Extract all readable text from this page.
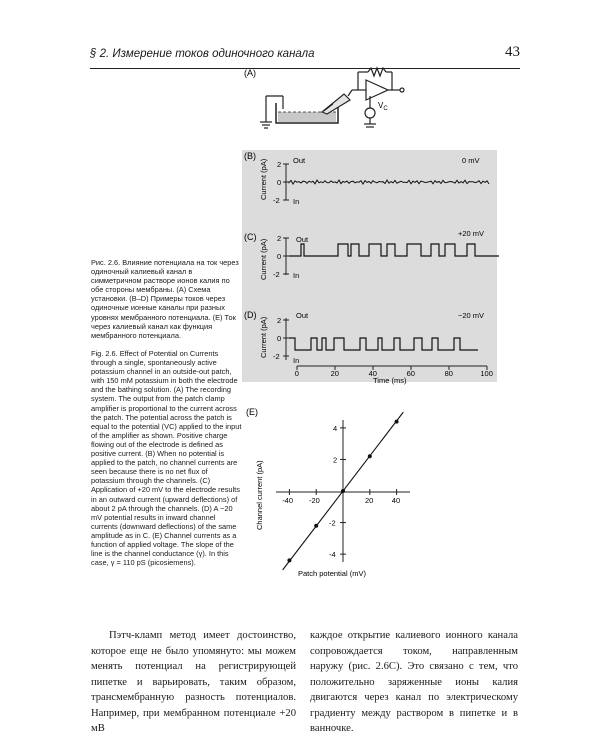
§ 2. Измерение токов одиночного канала	43
(A)
$V_C$
(B)
(C)
(D)
(E)
Current (pA)
Current (pA)
Current (pA)
2
0
-2
Out
In
0 mV
2
0
-2
Out
In
+20 mV
2
0
-2
Out
In
−20 mV
0	20	40	60	80	100
Time (ms)
-40 -20	20 40
4
2
-2
-4
Patch potential (mV)
Channel current (pA)
Рис. 2.6. Влияние потенциала на ток через одиночный калиевый канал в симметричном растворе ионов калия по обе стороны мембраны. (A) Схема установки. (B–D) Примеры токов через одиночные ионные каналы при разных уровнях мембранного потенциала. (E) Ток через калиевый канал как функция мембранного потенциала.
Fig. 2.6. Effect of Potential on Currents through a single, spontaneously active potassium channel in an outside-out patch, with 150 mM potassium in both the electrode and the bathing solution. (A) The recording system. The output from the patch clamp amplifier is proportional to the current across the patch. The potential across the patch is equal to the potential (VC) applied to the input of the amplifier as shown. Positive charge flowing out of the electrode is defined as positive current. (B) When no potential is applied to the patch, no channel currents are seen because there is no net flux of potassium through the channels. (C) Application of +20 mV to the electrode results in an outward current (upward deflections) of about 2 pA through the channels. (D) A −20 mV potential results in inward channel currents (downward deflections) of the same amplitude as in C. (E) Channel currents as a function of applied voltage. The slope of the line is the channel conductance (γ). In this case, γ = 110 pS (picosiemens).
Пэтч-кламп метод имеет достоинство, которое еще не было упомянуто: мы можем менять потенциал на регистрирующей пипетке и варьировать, таким образом, трансмембранную разность потенциалов. Например, при мембранном потенциале +20 мВ
каждое открытие калиевого ионного канала сопровождается током, направленным наружу (рис. 2.6С). Это связано с тем, что положительно заряженные ионы калия двигаются через канал по электрическому градиенту между раствором в пипетке и в ванночке.
